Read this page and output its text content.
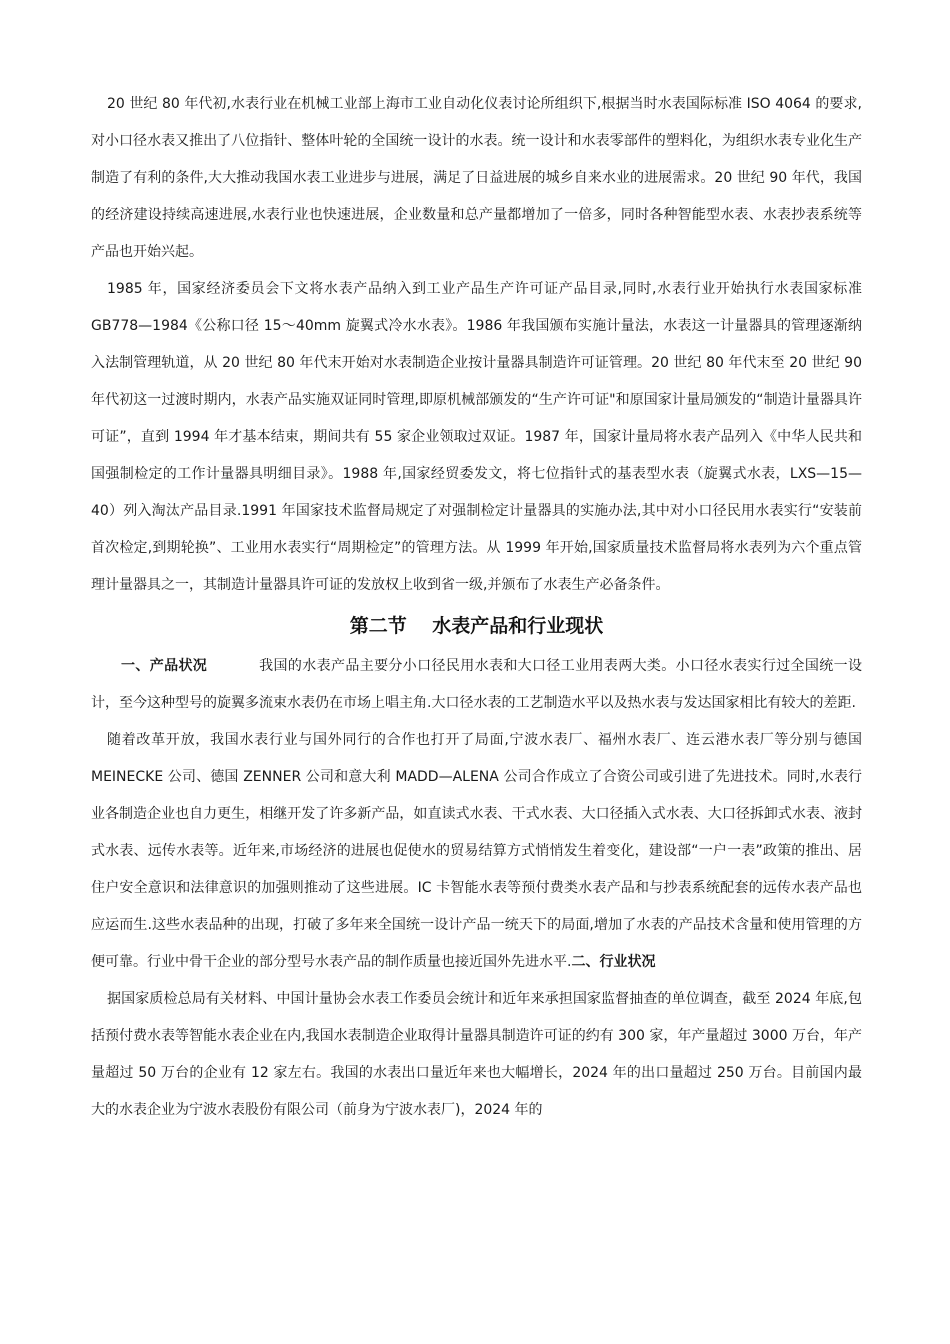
20 世纪 80 年代初,水表行业在机械工业部上海市工业自动化仪表讨论所组织下,根据当时水表国际标准 ISO 4064 的要求,对小口径水表又推出了八位指针、整体叶轮的全国统一设计的水表。统一设计和水表零部件的塑料化，为组织水表专业化生产制造了有利的条件,大大推动我国水表工业进步与进展，满足了日益进展的城乡自来水业的进展需求。20 世纪 90 年代，我国的经济建设持续高速进展,水表行业也快速进展，企业数量和总产量都增加了一倍多，同时各种智能型水表、水表抄表系统等产品也开始兴起。

1985 年，国家经济委员会下文将水表产品纳入到工业产品生产许可证产品目录,同时,水表行业开始执行水表国家标准 GB778—1984《公称口径 15～40mm 旋翼式冷水水表》。1986 年我国颁布实施计量法，水表这一计量器具的管理逐渐纳入法制管理轨道，从 20 世纪 80 年代末开始对水表制造企业按计量器具制造许可证管理。20 世纪 80 年代末至 20 世纪 90 年代初这一过渡时期内，水表产品实施双证同时管理,即原机械部颁发的“生产许可证"和原国家计量局颁发的“制造计量器具许可证”，直到 1994 年才基本结束，期间共有 55 家企业领取过双证。1987 年，国家计量局将水表产品列入《中华人民共和国强制检定的工作计量器具明细目录》。1988 年,国家经贸委发文，将七位指针式的基表型水表（旋翼式水表，LXS—15—40）列入淘汰产品目录.1991 年国家技术监督局规定了对强制检定计量器具的实施办法,其中对小口径民用水表实行“安装前首次检定,到期轮换”、工业用水表实行“周期检定”的管理方法。从 1999 年开始,国家质量技术监督局将水表列为六个重点管理计量器具之一，其制造计量器具许可证的发放权上收到省一级,并颁布了水表生产必备条件。

第二节　 水表产品和行业现状

一、产品状况	我国的水表产品主要分小口径民用水表和大口径工业用表两大类。小口径水表实行过全国统一设计，至今这种型号的旋翼多流束水表仍在市场上唱主角.大口径水表的工艺制造水平以及热水表与发达国家相比有较大的差距.

随着改革开放，我国水表行业与国外同行的合作也打开了局面,宁波水表厂、福州水表厂、连云港水表厂等分别与德国 MEINECKE 公司、德国 ZENNER 公司和意大利 MADD—ALENA 公司合作成立了合资公司或引进了先进技术。同时,水表行业各制造企业也自力更生，相继开发了许多新产品，如直读式水表、干式水表、大口径插入式水表、大口径拆卸式水表、液封式水表、远传水表等。近年来,市场经济的进展也促使水的贸易结算方式悄悄发生着变化，建设部“一户一表”政策的推出、居住户安全意识和法律意识的加强则推动了这些进展。IC 卡智能水表等预付费类水表产品和与抄表系统配套的远传水表产品也应运而生.这些水表品种的出现，打破了多年来全国统一设计产品一统天下的局面,增加了水表的产品技术含量和使用管理的方便可靠。行业中骨干企业的部分型号水表产品的制作质量也接近国外先进水平.二、行业状况

据国家质检总局有关材料、中国计量协会水表工作委员会统计和近年来承担国家监督抽查的单位调查，截至 2024 年底,包括预付费水表等智能水表企业在内,我国水表制造企业取得计量器具制造许可证的约有 300 家，年产量超过 3000 万台，年产量超过 50 万台的企业有 12 家左右。我国的水表出口量近年来也大幅增长，2024 年的出口量超过 250 万台。目前国内最大的水表企业为宁波水表股份有限公司（前身为宁波水表厂)，2024 年的
